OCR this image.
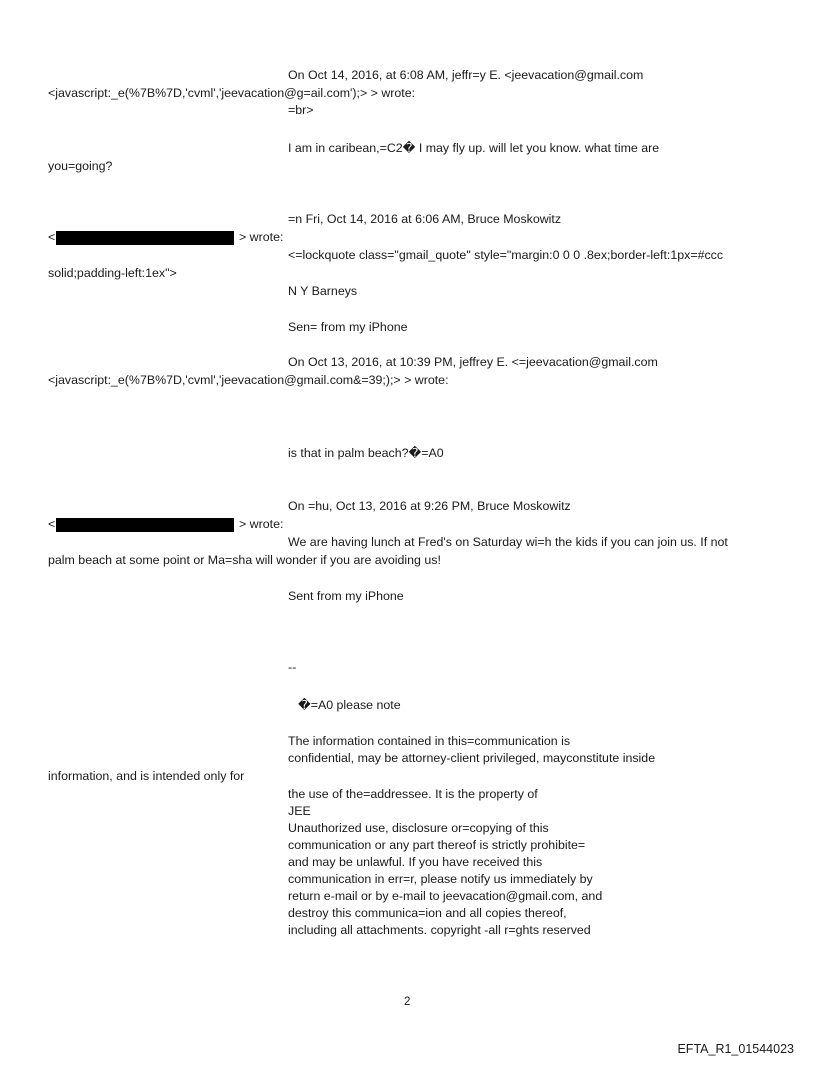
On Oct 14, 2016, at 6:08 AM, jeffr=y E. <jeevacation@gmail.com
<javascript:_e(%7B%7D,'cvml','jeevacation@g=ail.com');> > wrote:
=br>
I am in caribean,=C2� I may fly up. will let you know. what time are
you=going?
=n Fri, Oct 14, 2016 at 6:06 AM, Bruce Moskowitz
<	> wrote:
<=lockquote class="gmail_quote" style="margin:0 0 0 .8ex;border-left:1px=#ccc
solid;padding-left:1ex">
N Y Barneys
Sen= from my iPhone
On Oct 13, 2016, at 10:39 PM, jeffrey E. <=jeevacation@gmail.com
<javascript:_e(%7B%7D,'cvml','jeevacation@gmail.com&=39;);> > wrote:
is that in palm beach?�=A0
On =hu, Oct 13, 2016 at 9:26 PM, Bruce Moskowitz
<	> wrote:
We are having lunch at Fred's on Saturday wi=h the kids if you can join us. If not
palm beach at some point or Ma=sha will wonder if you are avoiding us!
Sent from my iPhone
--
�=A0 please note
The information contained in this=communication is
confidential, may be attorney-client privileged, mayconstitute inside
information, and is intended only for
the use of the=addressee. It is the property of
JEE
Unauthorized use, disclosure or=copying of this
communication or any part thereof is strictly prohibite=
and may be unlawful. If you have received this
communication in err=r, please notify us immediately by
return e-mail or by e-mail to jeevacation@gmail.com, and
destroy this communica=ion and all copies thereof,
including all attachments. copyright -all r=ghts reserved
2
EFTA_R1_01544023
